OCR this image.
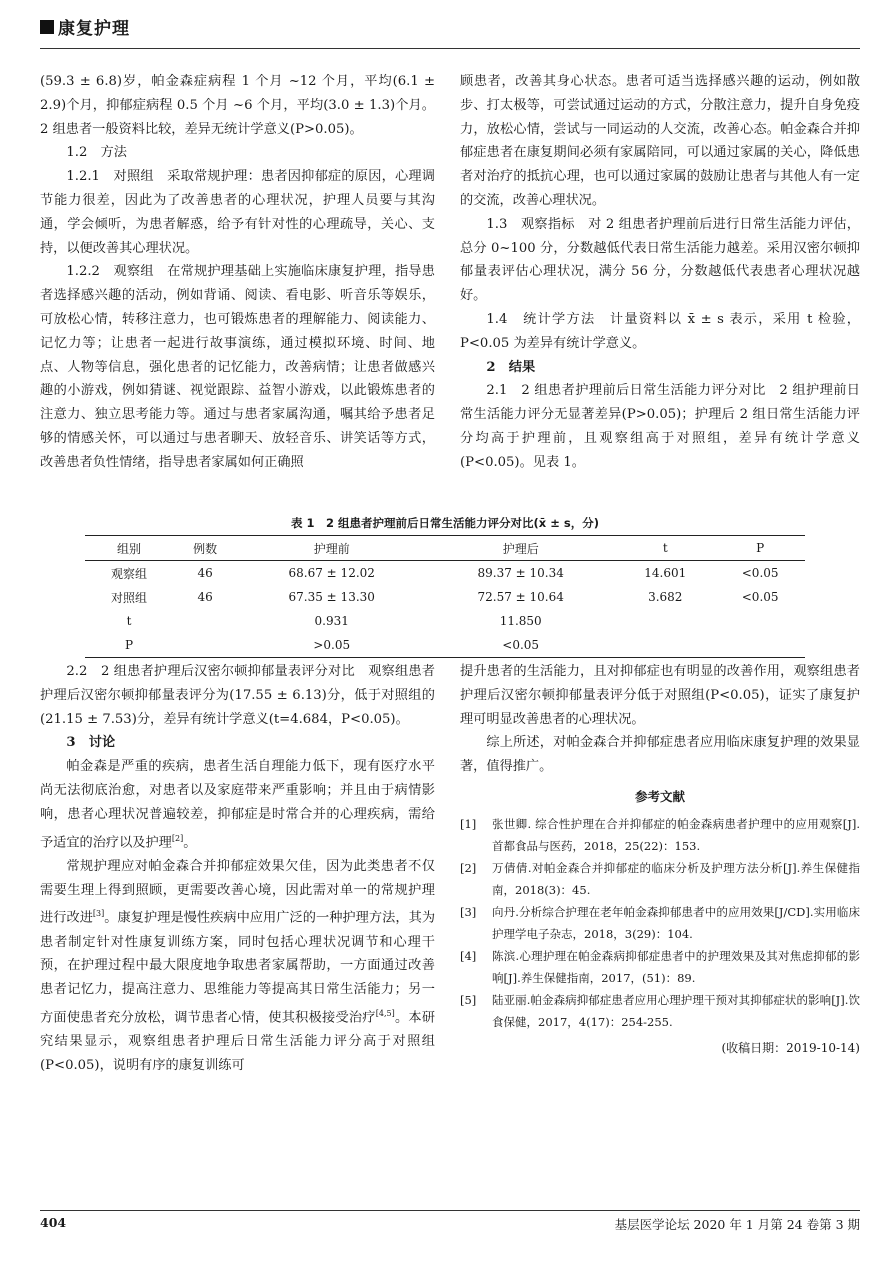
康复护理

(59.3 ± 6.8)岁，帕金森症病程 1 个月 ~12 个月，平均(6.1 ± 2.9)个月，抑郁症病程 0.5 个月 ~6 个月，平均(3.0 ± 1.3)个月。2 组患者一般资料比较，差异无统计学意义(P>0.05)。

1.2　方法

1.2.1　对照组　采取常规护理：患者因抑郁症的原因，心理调节能力很差，因此为了改善患者的心理状况，护理人员要与其沟通，学会倾听，为患者解惑，给予有针对性的心理疏导，关心、支持，以便改善其心理状况。

1.2.2　观察组　在常规护理基础上实施临床康复护理，指导患者选择感兴趣的活动，例如背诵、阅读、看电影、听音乐等娱乐，可放松心情，转移注意力，也可锻炼患者的理解能力、阅读能力、记忆力等；让患者一起进行故事演练，通过模拟环境、时间、地点、人物等信息，强化患者的记忆能力，改善病情；让患者做感兴趣的小游戏，例如猜谜、视觉跟踪、益智小游戏，以此锻炼患者的注意力、独立思考能力等。通过与患者家属沟通，嘱其给予患者足够的情感关怀，可以通过与患者聊天、放轻音乐、讲笑话等方式，改善患者负性情绪，指导患者家属如何正确照

顾患者，改善其身心状态。患者可适当选择感兴趣的运动，例如散步、打太极等，可尝试通过运动的方式，分散注意力，提升自身免疫力，放松心情，尝试与一同运动的人交流，改善心态。帕金森合并抑郁症患者在康复期间必须有家属陪同，可以通过家属的关心，降低患者对治疗的抵抗心理，也可以通过家属的鼓励让患者与其他人有一定的交流，改善心理状况。

1.3　观察指标　对 2 组患者护理前后进行日常生活能力评估，总分 0~100 分，分数越低代表日常生活能力越差。采用汉密尔顿抑郁量表评估心理状况，满分 56 分，分数越低代表患者心理状况越好。

1.4　统计学方法　计量资料以 x̄ ± s 表示，采用 t 检验，P<0.05 为差异有统计学意义。

2　结果

2.1　2 组患者护理前后日常生活能力评分对比　2 组护理前日常生活能力评分无显著差异(P>0.05)；护理后 2 组日常生活能力评分均高于护理前，且观察组高于对照组，差异有统计学意义(P<0.05)。见表 1。

表 1　2 组患者护理前后日常生活能力评分对比(x̄ ± s，分)
组别	例数	护理前	护理后	t	P
观察组	46	68.67 ± 12.02	89.37 ± 10.34	14.601	<0.05
对照组	46	67.35 ± 13.30	72.57 ± 10.64	3.682	<0.05
t		0.931	11.850		
P		>0.05	<0.05		

2.2　2 组患者护理后汉密尔顿抑郁量表评分对比　观察组患者护理后汉密尔顿抑郁量表评分为(17.55 ± 6.13)分，低于对照组的(21.15 ± 7.53)分，差异有统计学意义(t=4.684，P<0.05)。

3　讨论

帕金森是严重的疾病，患者生活自理能力低下，现有医疗水平尚无法彻底治愈，对患者以及家庭带来严重影响；并且由于病情影响，患者心理状况普遍较差，抑郁症是时常合并的心理疾病，需给予适宜的治疗以及护理[2]。

常规护理应对帕金森合并抑郁症效果欠佳，因为此类患者不仅需要生理上得到照顾，更需要改善心境，因此需对单一的常规护理进行改进[3]。康复护理是慢性疾病中应用广泛的一种护理方法，其为患者制定针对性康复训练方案，同时包括心理状况调节和心理干预，在护理过程中最大限度地争取患者家属帮助，一方面通过改善患者记忆力，提高注意力、思维能力等提高其日常生活能力；另一方面使患者充分放松，调节患者心情，使其积极接受治疗[4,5]。本研究结果显示，观察组患者护理后日常生活能力评分高于对照组(P<0.05)，说明有序的康复训练可

提升患者的生活能力，且对抑郁症也有明显的改善作用，观察组患者护理后汉密尔顿抑郁量表评分低于对照组(P<0.05)，证实了康复护理可明显改善患者的心理状况。

综上所述，对帕金森合并抑郁症患者应用临床康复护理的效果显著，值得推广。

参考文献
[1]	张世卿. 综合性护理在合并抑郁症的帕金森病患者护理中的应用观察[J].首都食品与医药，2018，25(22)：153.
[2]	万倩倩.对帕金森合并抑郁症的临床分析及护理方法分析[J].养生保健指南，2018(3)：45.
[3]	向丹.分析综合护理在老年帕金森抑郁患者中的应用效果[J/CD].实用临床护理学电子杂志，2018，3(29)：104.
[4]	陈滨.心理护理在帕金森病抑郁症患者中的护理效果及其对焦虑抑郁的影响[J].养生保健指南，2017，(51)：89.
[5]	陆亚丽.帕金森病抑郁症患者应用心理护理干预对其抑郁症状的影响[J].饮食保健，2017，4(17)：254-255.
(收稿日期：2019-10-14)
404	基层医学论坛 2020 年 1 月第 24 卷第 3 期
